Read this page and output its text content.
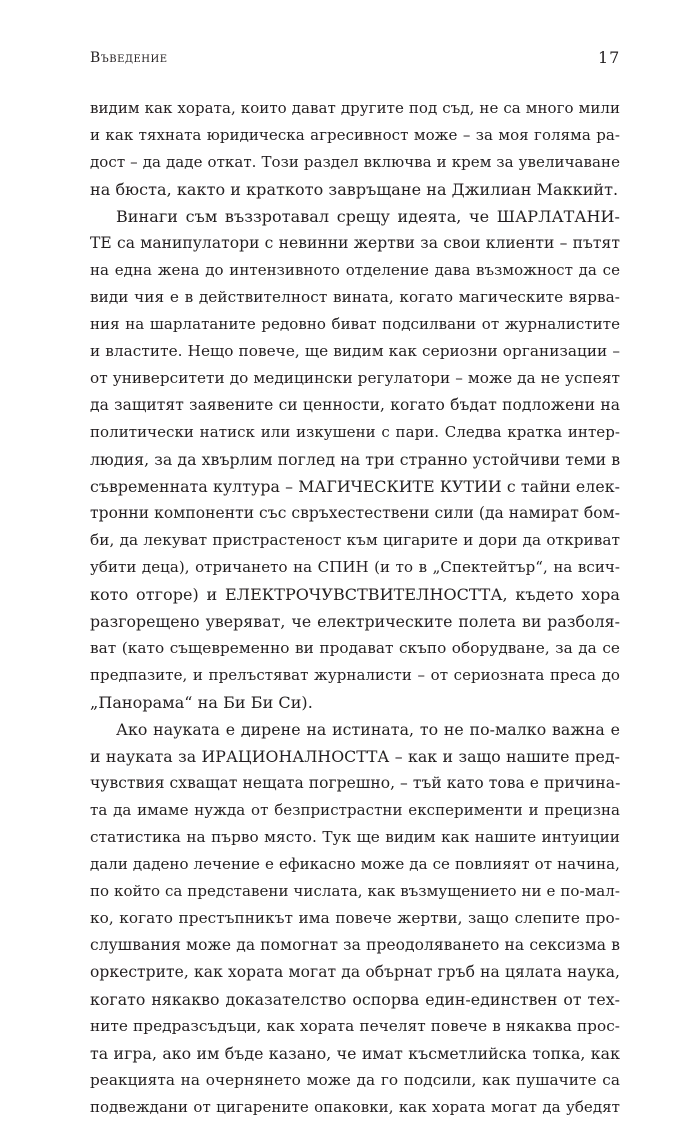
Въведение	17
видим как хората, които дават другите под съд, не са много мили
и как тяхната юридическа агресивност може – за моя голяма ра-
дост – да даде откат. Този раздел включва и крем за увеличаване
на бюста, както и краткото завръщане на Джилиан Маккийт.
Винаги съм въззротавал срещу идеята, че ШАРЛАТАНИ-
ТЕ са манипулатори с невинни жертви за свои клиенти – пътят
на една жена до интензивното отделение дава възможност да се
види чия е в действителност вината, когато магическите вярва-
ния на шарлатаните редовно биват подсилвани от журналистите
и властите. Нещо повече, ще видим как сериозни организации –
от университети до медицински регулатори – може да не успеят
да защитят заявените си ценности, когато бъдат подложени на
политически натиск или изкушени с пари. Следва кратка интер-
людия, за да хвърлим поглед на три странно устойчиви теми в
съвременната култура – МАГИЧЕСКИТЕ КУТИИ с тайни елек-
тронни компоненти със свръхестествени сили (да намират бом-
би, да лекуват пристрастеност към цигарите и дори да откриват
убити деца), отричането на СПИН (и то в „Спектейтър“, на всич-
кото отгоре) и ЕЛЕКТРОЧУВСТВИТЕЛНОСТТА, където хора
разгорещено уверяват, че електрическите полета ви разболя-
ват (като същевременно ви продават скъпо оборудване, за да се
предпазите, и прелъстяват журналисти – от сериозната преса до
„Панорама“ на Би Би Си).
Ако науката е дирене на истината, то не по-малко важна е
и науката за ИРАЦИОНАЛНОСТТА – как и защо нашите пред-
чувствия схващат нещата погрешно, – тъй като това е причина-
та да имаме нужда от безпристрастни експерименти и прецизна
статистика на първо място. Тук ще видим как нашите интуиции
дали дадено лечение е ефикасно може да се повлияят от начина,
по който са представени числата, как възмущението ни е по-мал-
ко, когато престъпникът има повече жертви, защо слепите про-
слушвания може да помогнат за преодоляването на сексизма в
оркестрите, как хората могат да обърнат гръб на цялата наука,
когато някакво доказателство оспорва един-единствен от тех-
ните предразсъдъци, как хората печелят повече в някаква прос-
та игра, ако им бъде казано, че имат късметлийска топка, как
реакцията на очернянето може да го подсили, как пушачите са
подвеждани от цигарените опаковки, как хората могат да убедят
